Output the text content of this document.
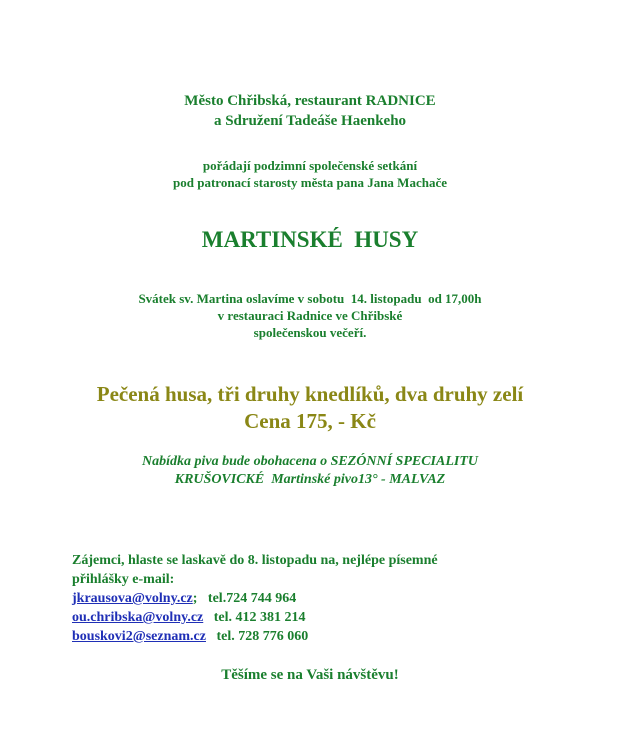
Město Chřibská, restaurant RADNICE
a Sdružení Tadeáše Haenkeho
pořádají podzimní společenské setkání
pod patronací starosty města pana Jana Machače
MARTINSKÉ  HUSY
Svátek sv. Martina oslavíme v sobotu  14. listopadu  od 17,00h
v restauraci Radnice ve Chřibské
společenskou večeří.
Pečená husa, tři druhy knedlíků, dva druhy zelí
Cena 175, - Kč
Nabídka piva bude obohacena o SEZÓNNÍ SPECIALITU
KRUŠOVICKÉ  Martinské pivo13° - MALVAZ
Zájemci, hlaste se laskavě do 8. listopadu na, nejlépe písemné
přihlášky e-mail:
jkrausova@volny.cz; tel.724 744 964
ou.chribska@volny.cz tel. 412 381 214
bouskovi2@seznam.cz tel. 728 776 060
Těšíme se na Vaši návštěvu!
